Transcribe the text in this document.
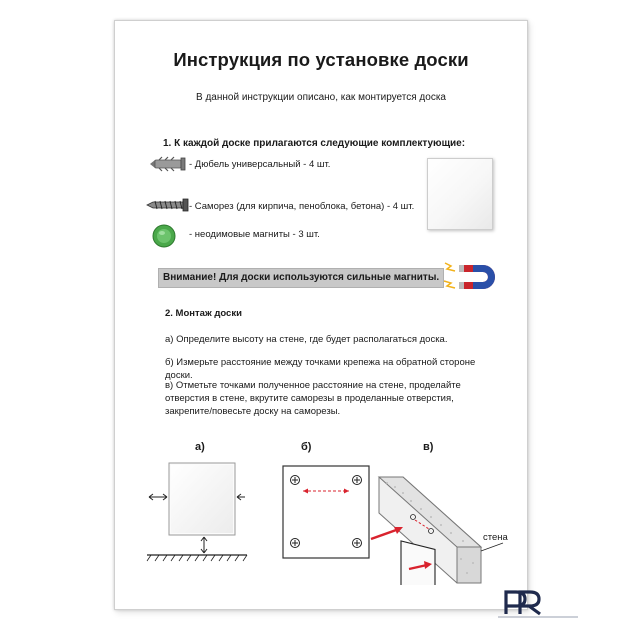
Инструкция по установке доски
В данной инструкции описано, как монтируется доска
1. К каждой доске прилагаются следующие комплектующие:
- Дюбель универсальный - 4 шт.
- Саморез (для кирпича, пеноблока, бетона) - 4 шт.
- неодимовые магниты - 3 шт.
Внимание! Для доски используются сильные магниты.
2. Монтаж доски
а) Определите высоту на стене, где будет располагаться доска.
б) Измерьте расстояние между точками крепежа на обратной стороне доски.
в) Отметьте точками полученное расстояние на стене, проделайте отверстия в стене, вкрутите саморезы в проделанные отверстия, закрепите/повесьте доску на саморезы.
а)	б)	в)
стена
